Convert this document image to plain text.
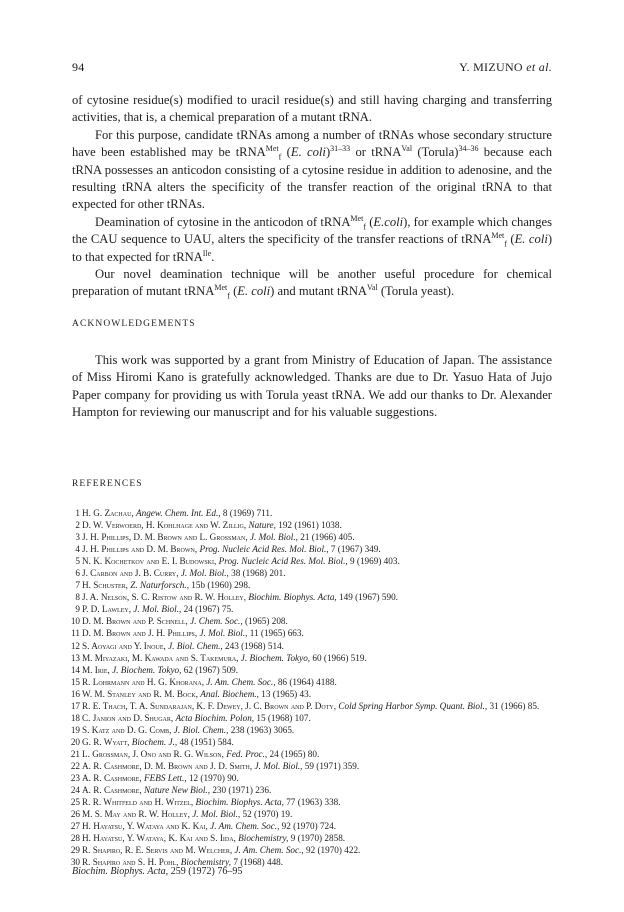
94	Y. MIZUNO et al.

of cytosine residue(s) modified to uracil residue(s) and still having charging and transferring activities, that is, a chemical preparation of a mutant tRNA.

For this purpose, candidate tRNAs among a number of tRNAs whose secondary structure have been established may be tRNA$^{Met}_f$ (E. coli)$^{31-33}$ or tRNA$^{Val}$ (Torula)$^{34-36}$ because each tRNA possesses an anticodon consisting of a cytosine residue in addition to adenosine, and the resulting tRNA alters the specificity of the transfer reaction of the original tRNA to that expected for other tRNAs.

Deamination of cytosine in the anticodon of tRNA$^{Met}_f$ (E.coli), for example which changes the CAU sequence to UAU, alters the specificity of the transfer reactions of tRNA$^{Met}_f$ (E. coli) to that expected for tRNA$^{Ile}$.

Our novel deamination technique will be another useful procedure for chemical preparation of mutant tRNA$^{Met}_f$ (E. coli) and mutant tRNA$^{Val}$ (Torula yeast).

ACKNOWLEDGEMENTS

This work was supported by a grant from Ministry of Education of Japan. The assistance of Miss Hiromi Kano is gratefully acknowledged. Thanks are due to Dr. Yasuo Hata of Jujo Paper company for providing us with Torula yeast tRNA. We add our thanks to Dr. Alexander Hampton for reviewing our manuscript and for his valuable suggestions.

REFERENCES
1 H. G. Zachau, Angew. Chem. Int. Ed., 8 (1969) 711.
2 D. W. Verwoerd, H. Kohlhage and W. Zillig, Nature, 192 (1961) 1038.
3 J. H. Phillips, D. M. Brown and L. Grossman, J. Mol. Biol., 21 (1966) 405.
4 J. H. Phillips and D. M. Brown, Prog. Nucleic Acid Res. Mol. Biol., 7 (1967) 349.
5 N. K. Kochetkov and E. I. Budowski, Prog. Nucleic Acid Res. Mol. Biol., 9 (1969) 403.
6 J. Carbon and J. B. Curry, J. Mol. Biol., 38 (1968) 201.
7 H. Schuster, Z. Naturforsch., 15b (1960) 298.
8 J. A. Nelson, S. C. Ristow and R. W. Holley, Biochim. Biophys. Acta, 149 (1967) 590.
9 P. D. Lawley, J. Mol. Biol., 24 (1967) 75.
10 D. M. Brown and P. Schnell, J. Chem. Soc., (1965) 208.
11 D. M. Brown and J. H. Phillips, J. Mol. Biol., 11 (1965) 663.
12 S. Aoyagi and Y. Inoue, J. Biol. Chem., 243 (1968) 514.
13 M. Miyazaki, M. Kawada and S. Takemura, J. Biochem. Tokyo, 60 (1966) 519.
14 M. Irie, J. Biochem. Tokyo, 62 (1967) 509.
15 R. Lohrmann and H. G. Khorana, J. Am. Chem. Soc., 86 (1964) 4188.
16 W. M. Stanley and R. M. Bock, Anal. Biochem., 13 (1965) 43.
17 R. E. Thach, T. A. Sundarajan, K. F. Dewey, J. C. Brown and P. Doty, Cold Spring Harbor Symp. Quant. Biol., 31 (1966) 85.
18 C. Janion and D. Shugar, Acta Biochim. Polon, 15 (1968) 107.
19 S. Katz and D. G. Comb, J. Biol. Chem., 238 (1963) 3065.
20 G. R. Wyatt, Biochem. J., 48 (1951) 584.
21 L. Grossman, J. Ono and R. G. Wilson, Fed. Proc., 24 (1965) 80.
22 A. R. Cashmore, D. M. Brown and J. D. Smith, J. Mol. Biol., 59 (1971) 359.
23 A. R. Cashmore, FEBS Lett., 12 (1970) 90.
24 A. R. Cashmore, Nature New Biol., 230 (1971) 236.
25 R. R. Whitfeld and H. Witzel, Biochim. Biophys. Acta, 77 (1963) 338.
26 M. S. May and R. W. Holley, J. Mol. Biol., 52 (1970) 19.
27 H. Hayatsu, Y. Wataya and K. Kai, J. Am. Chem. Soc., 92 (1970) 724.
28 H. Hayatsu, Y. Wataya, K. Kai and S. Iida, Biochemistry, 9 (1970) 2858.
29 R. Shapiro, R. E. Servis and M. Welcher, J. Am. Chem. Soc., 92 (1970) 422.
30 R. Shapiro and S. H. Pohl, Biochemistry, 7 (1968) 448.
Biochim. Biophys. Acta, 259 (1972) 76–95
